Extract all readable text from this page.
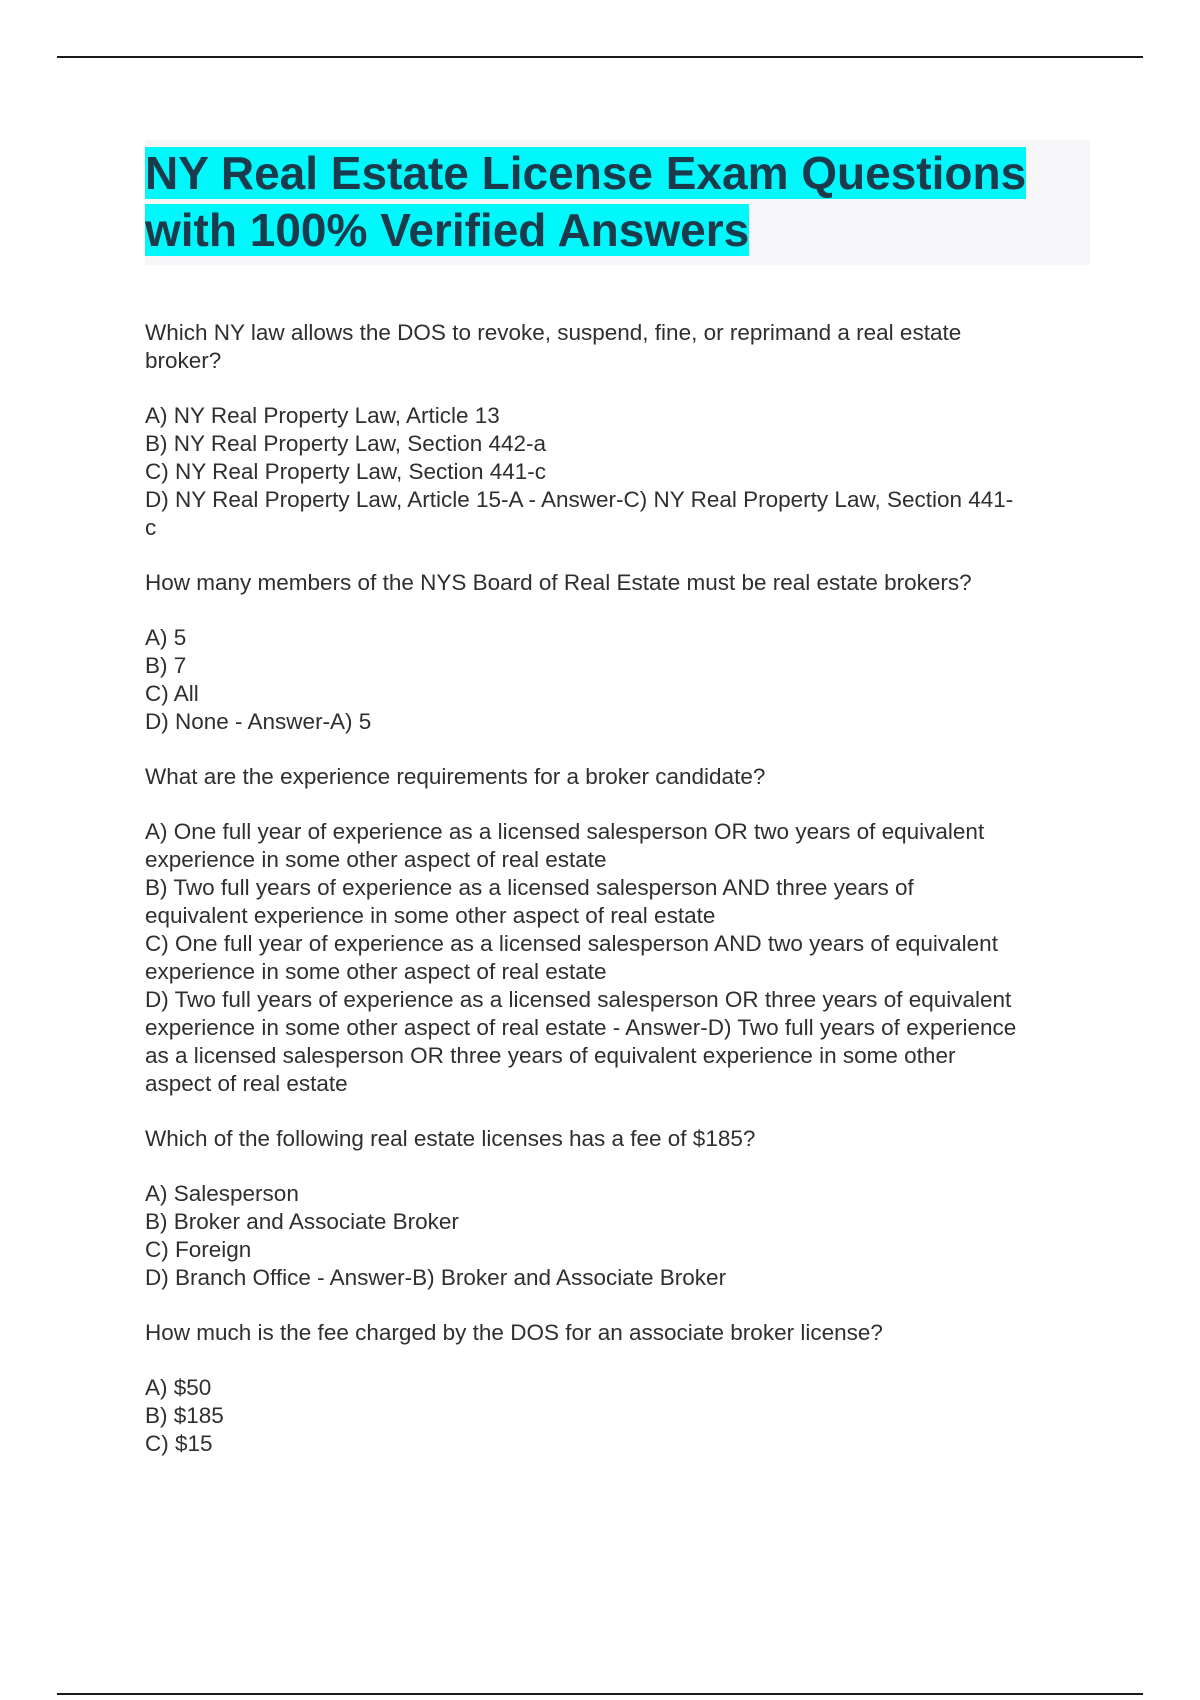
NY Real Estate License Exam Questions
with 100% Verified Answers

Which NY law allows the DOS to revoke, suspend, fine, or reprimand a real estate
broker?

A) NY Real Property Law, Article 13

B) NY Real Property Law, Section 442-a

C) NY Real Property Law, Section 441-c

D) NY Real Property Law, Article 15-A - Answer-C) NY Real Property Law, Section 441-
c

How many members of the NYS Board of Real Estate must be real estate brokers?

A) 5

B) 7

C) All

D) None - Answer-A) 5

What are the experience requirements for a broker candidate?

A) One full year of experience as a licensed salesperson OR two years of equivalent
experience in some other aspect of real estate

B) Two full years of experience as a licensed salesperson AND three years of
equivalent experience in some other aspect of real estate

C) One full year of experience as a licensed salesperson AND two years of equivalent
experience in some other aspect of real estate

D) Two full years of experience as a licensed salesperson OR three years of equivalent
experience in some other aspect of real estate - Answer-D) Two full years of experience
as a licensed salesperson OR three years of equivalent experience in some other
aspect of real estate

Which of the following real estate licenses has a fee of $185?

A) Salesperson

B) Broker and Associate Broker

C) Foreign

D) Branch Office - Answer-B) Broker and Associate Broker

How much is the fee charged by the DOS for an associate broker license?

A) $50

B) $185

C) $15
